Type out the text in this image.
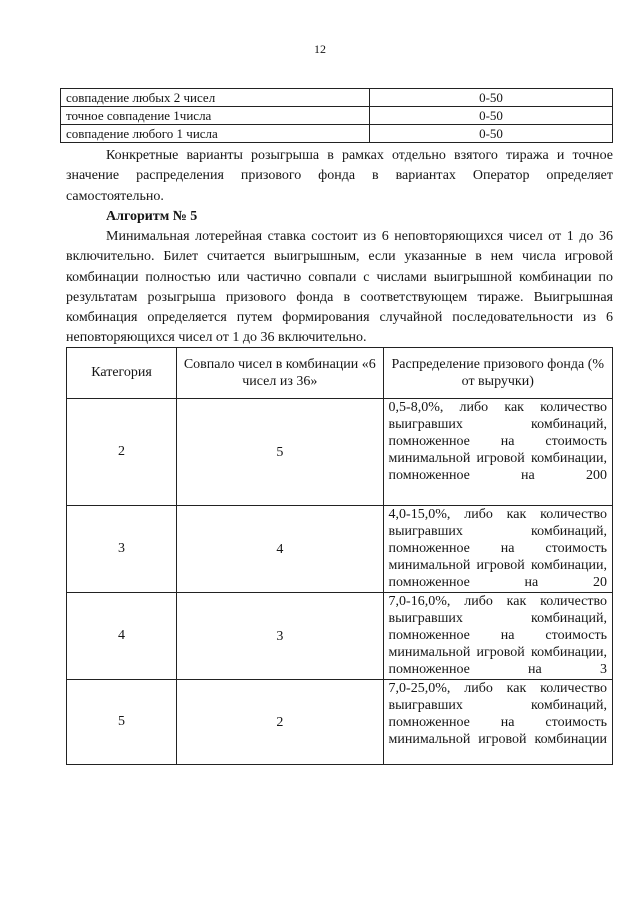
12
совпадение любых 2 чисел	0-50
точное совпадение 1числа	0-50
совпадение любого 1 числа	0-50

Конкретные варианты розыгрыша в рамках отдельно взятого тиража и точное значение распределения призового фонда в вариантах Оператор определяет самостоятельно.

Алгоритм № 5

Минимальная лотерейная ставка состоит из 6 неповторяющихся чисел от 1 до 36 включительно. Билет считается выигрышным, если указанные в нем числа игровой комбинации полностью или частично совпали с числами выигрышной комбинации по результатам розыгрыша призового фонда в соответствующем тираже. Выигрышная комбинация определяется путем формирования случайной последовательности из 6 неповторяющихся чисел от 1 до 36 включительно.

Категория	Совпало чисел в комбинации «6 чисел из 36»	Распределение призового фонда (% от выручки)
2	5	0,5-8,0%, либо как количество выигравших комбинаций, помноженное на стоимость минимальной игровой комбинации, помноженное на 200
3	4	4,0-15,0%, либо как количество выигравших комбинаций, помноженное на стоимость минимальной игровой комбинации, помноженное на 20
4	3	7,0-16,0%, либо как количество выигравших комбинаций, помноженное на стоимость минимальной игровой комбинации, помноженное на 3
5	2	7,0-25,0%, либо как количество выигравших комбинаций, помноженное на стоимость минимальной игровой комбинации
